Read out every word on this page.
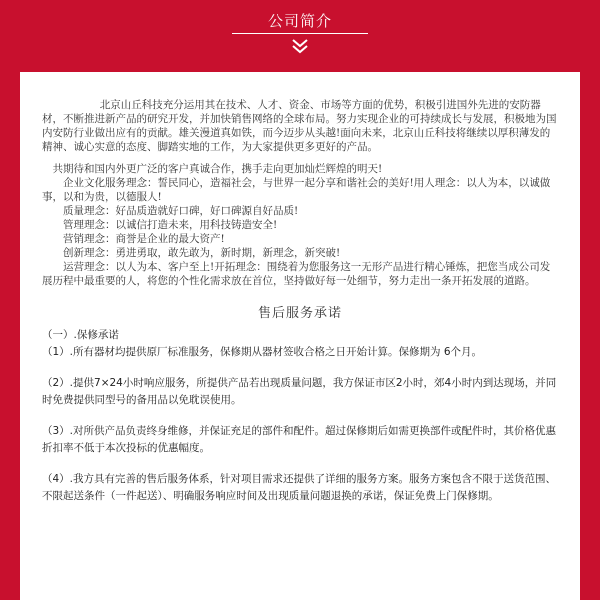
公司简介

北京山丘科技充分运用其在技术、人才、资金、市场等方面的优势，积极引进国外先进的安防器材，不断推进新产品的研究开发，并加快销售网络的全球布局。努力实现企业的可持续成长与发展，积极地为国内安防行业做出应有的贡献。雄关漫道真如铁，而今迈步从头越!面向未来，北京山丘科技将继续以厚积薄发的精神、诚心实意的态度、脚踏实地的工作，为大家提供更多更好的产品。

共期待和国内外更广泛的客户真诚合作，携手走向更加灿烂辉煌的明天!

企业文化服务理念：誓民同心，造福社会，与世界一起分享和谐社会的美好!用人理念：以人为本，以诚做事，以和为贵，以德服人!

质量理念：好品质造就好口碑，好口碑源自好品质!

管理理念：以诚信打造未来，用科技铸造安全!

营销理念：商誉是企业的最大资产!

创新理念：勇进勇取，敢先敢为，新时期，新理念，新突破!

运营理念：以人为本、客户至上!开拓理念：围绕着为您服务这一无形产品进行精心锤炼，把您当成公司发展历程中最重要的人，将您的个性化需求放在首位，坚持做好每一处细节，努力走出一条开拓发展的道路。

售后服务承诺

（一）.保修承诺

（1）.所有器材均提供原厂标准服务，保修期从器材签收合格之日开始计算。保修期为 6个月。

（2）.提供7×24小时响应服务，所提供产品若出现质量问题，我方保证市区2小时，郊4小时内到达现场，并同时免费提供同型号的备用品以免耽误使用。

（3）.对所供产品负责终身维修，并保证充足的部件和配件。超过保修期后如需更换部件或配件时，其价格优惠折扣率不低于本次投标的优惠幅度。

（4）.我方具有完善的售后服务体系，针对项目需求还提供了详细的服务方案。服务方案包含不限于送货范围、不限起送条件（一件起送）、明确服务响应时间及出现质量问题退换的承诺，保证免费上门保修期。
